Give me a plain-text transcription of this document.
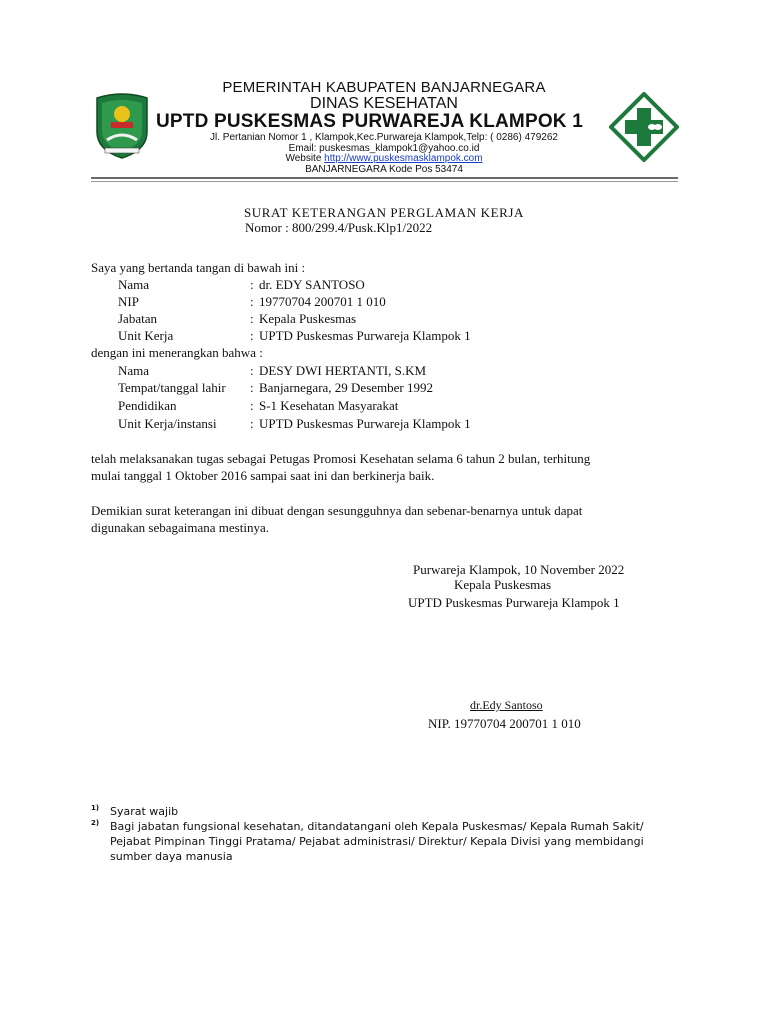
PEMERINTAH KABUPATEN BANJARNEGARA
DINAS KESEHATAN
UPTD PUSKESMAS PURWAREJA KLAMPOK 1
Jl. Pertanian Nomor 1 , Klampok,Kec.Purwareja Klampok,Telp: ( 0286) 479262
Email: puskesmas_klampok1@yahoo.co.id
Website http://www.puskesmasklampok.com
BANJARNEGARA Kode Pos 53474
SURAT KETERANGAN PERGLAMAN KERJA
Nomor : 800/299.4/Pusk.Klp1/2022
Saya yang bertanda tangan di bawah ini :
Nama	: dr. EDY SANTOSO
NIP	: 19770704 200701 1 010
Jabatan	: Kepala Puskesmas
Unit Kerja	: UPTD Puskesmas Purwareja Klampok 1
dengan ini menerangkan bahwa :
Nama	: DESY DWI HERTANTI, S.KM
Tempat/tanggal lahir : Banjarnegara, 29 Desember 1992
Pendidikan	: S-1 Kesehatan Masyarakat
Unit Kerja/instansi	: UPTD Puskesmas Purwareja Klampok 1
telah melaksanakan tugas sebagai Petugas Promosi Kesehatan selama 6 tahun 2 bulan, terhitung
mulai tanggal 1 Oktober 2016 sampai saat ini dan berkinerja baik.
Demikian surat keterangan ini dibuat dengan sesungguhnya dan sebenar-benarnya untuk dapat
digunakan sebagaimana mestinya.
Purwareja Klampok, 10 November 2022
Kepala Puskesmas
UPTD Puskesmas Purwareja Klampok 1
dr.Edy Santoso
NIP. 19770704 200701 1 010
1) Syarat wajib
2) Bagi jabatan fungsional kesehatan, ditandatangani oleh Kepala Puskesmas/ Kepala Rumah Sakit/
Pejabat Pimpinan Tinggi Pratama/ Pejabat administrasi/ Direktur/ Kepala Divisi yang membidangi
sumber daya manusia
